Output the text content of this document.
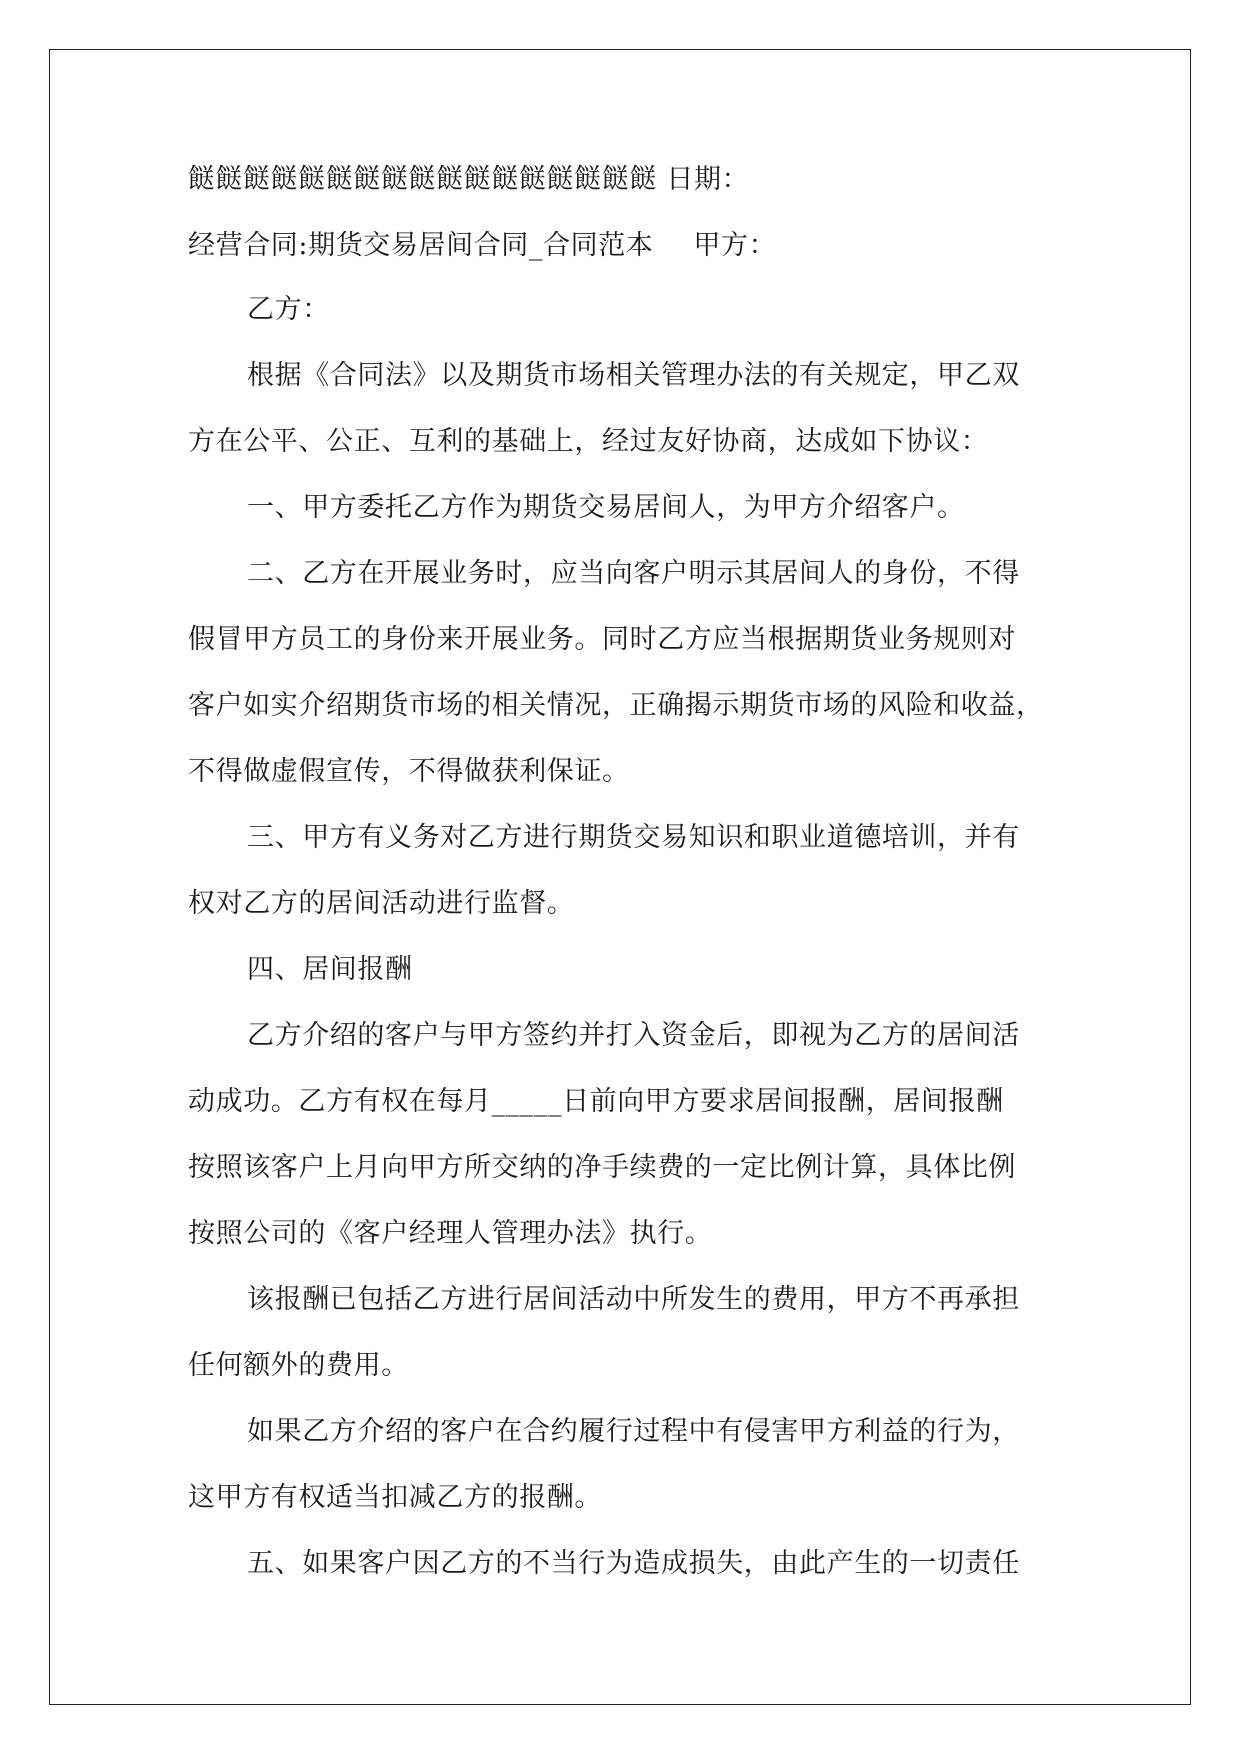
餸餸餸餸餸餸餸餸餸餸餸餸餸餸餸餸餸 日期：
经营合同:期货交易居间合同_合同范本 甲方：
乙方：
根据《合同法》以及期货市场相关管理办法的有关规定，甲乙双
方在公平、公正、互利的基础上，经过友好协商，达成如下协议：
一、甲方委托乙方作为期货交易居间人，为甲方介绍客户。
二、乙方在开展业务时，应当向客户明示其居间人的身份，不得
假冒甲方员工的身份来开展业务。同时乙方应当根据期货业务规则对
客户如实介绍期货市场的相关情况，正确揭示期货市场的风险和收益，
不得做虚假宣传，不得做获利保证。
三、甲方有义务对乙方进行期货交易知识和职业道德培训，并有
权对乙方的居间活动进行监督。
四、居间报酬
乙方介绍的客户与甲方签约并打入资金后，即视为乙方的居间活
动成功。乙方有权在每月_____日前向甲方要求居间报酬，居间报酬
按照该客户上月向甲方所交纳的净手续费的一定比例计算，具体比例
按照公司的《客户经理人管理办法》执行。
该报酬已包括乙方进行居间活动中所发生的费用，甲方不再承担
任何额外的费用。
如果乙方介绍的客户在合约履行过程中有侵害甲方利益的行为，
这甲方有权适当扣减乙方的报酬。
五、如果客户因乙方的不当行为造成损失，由此产生的一切责任
